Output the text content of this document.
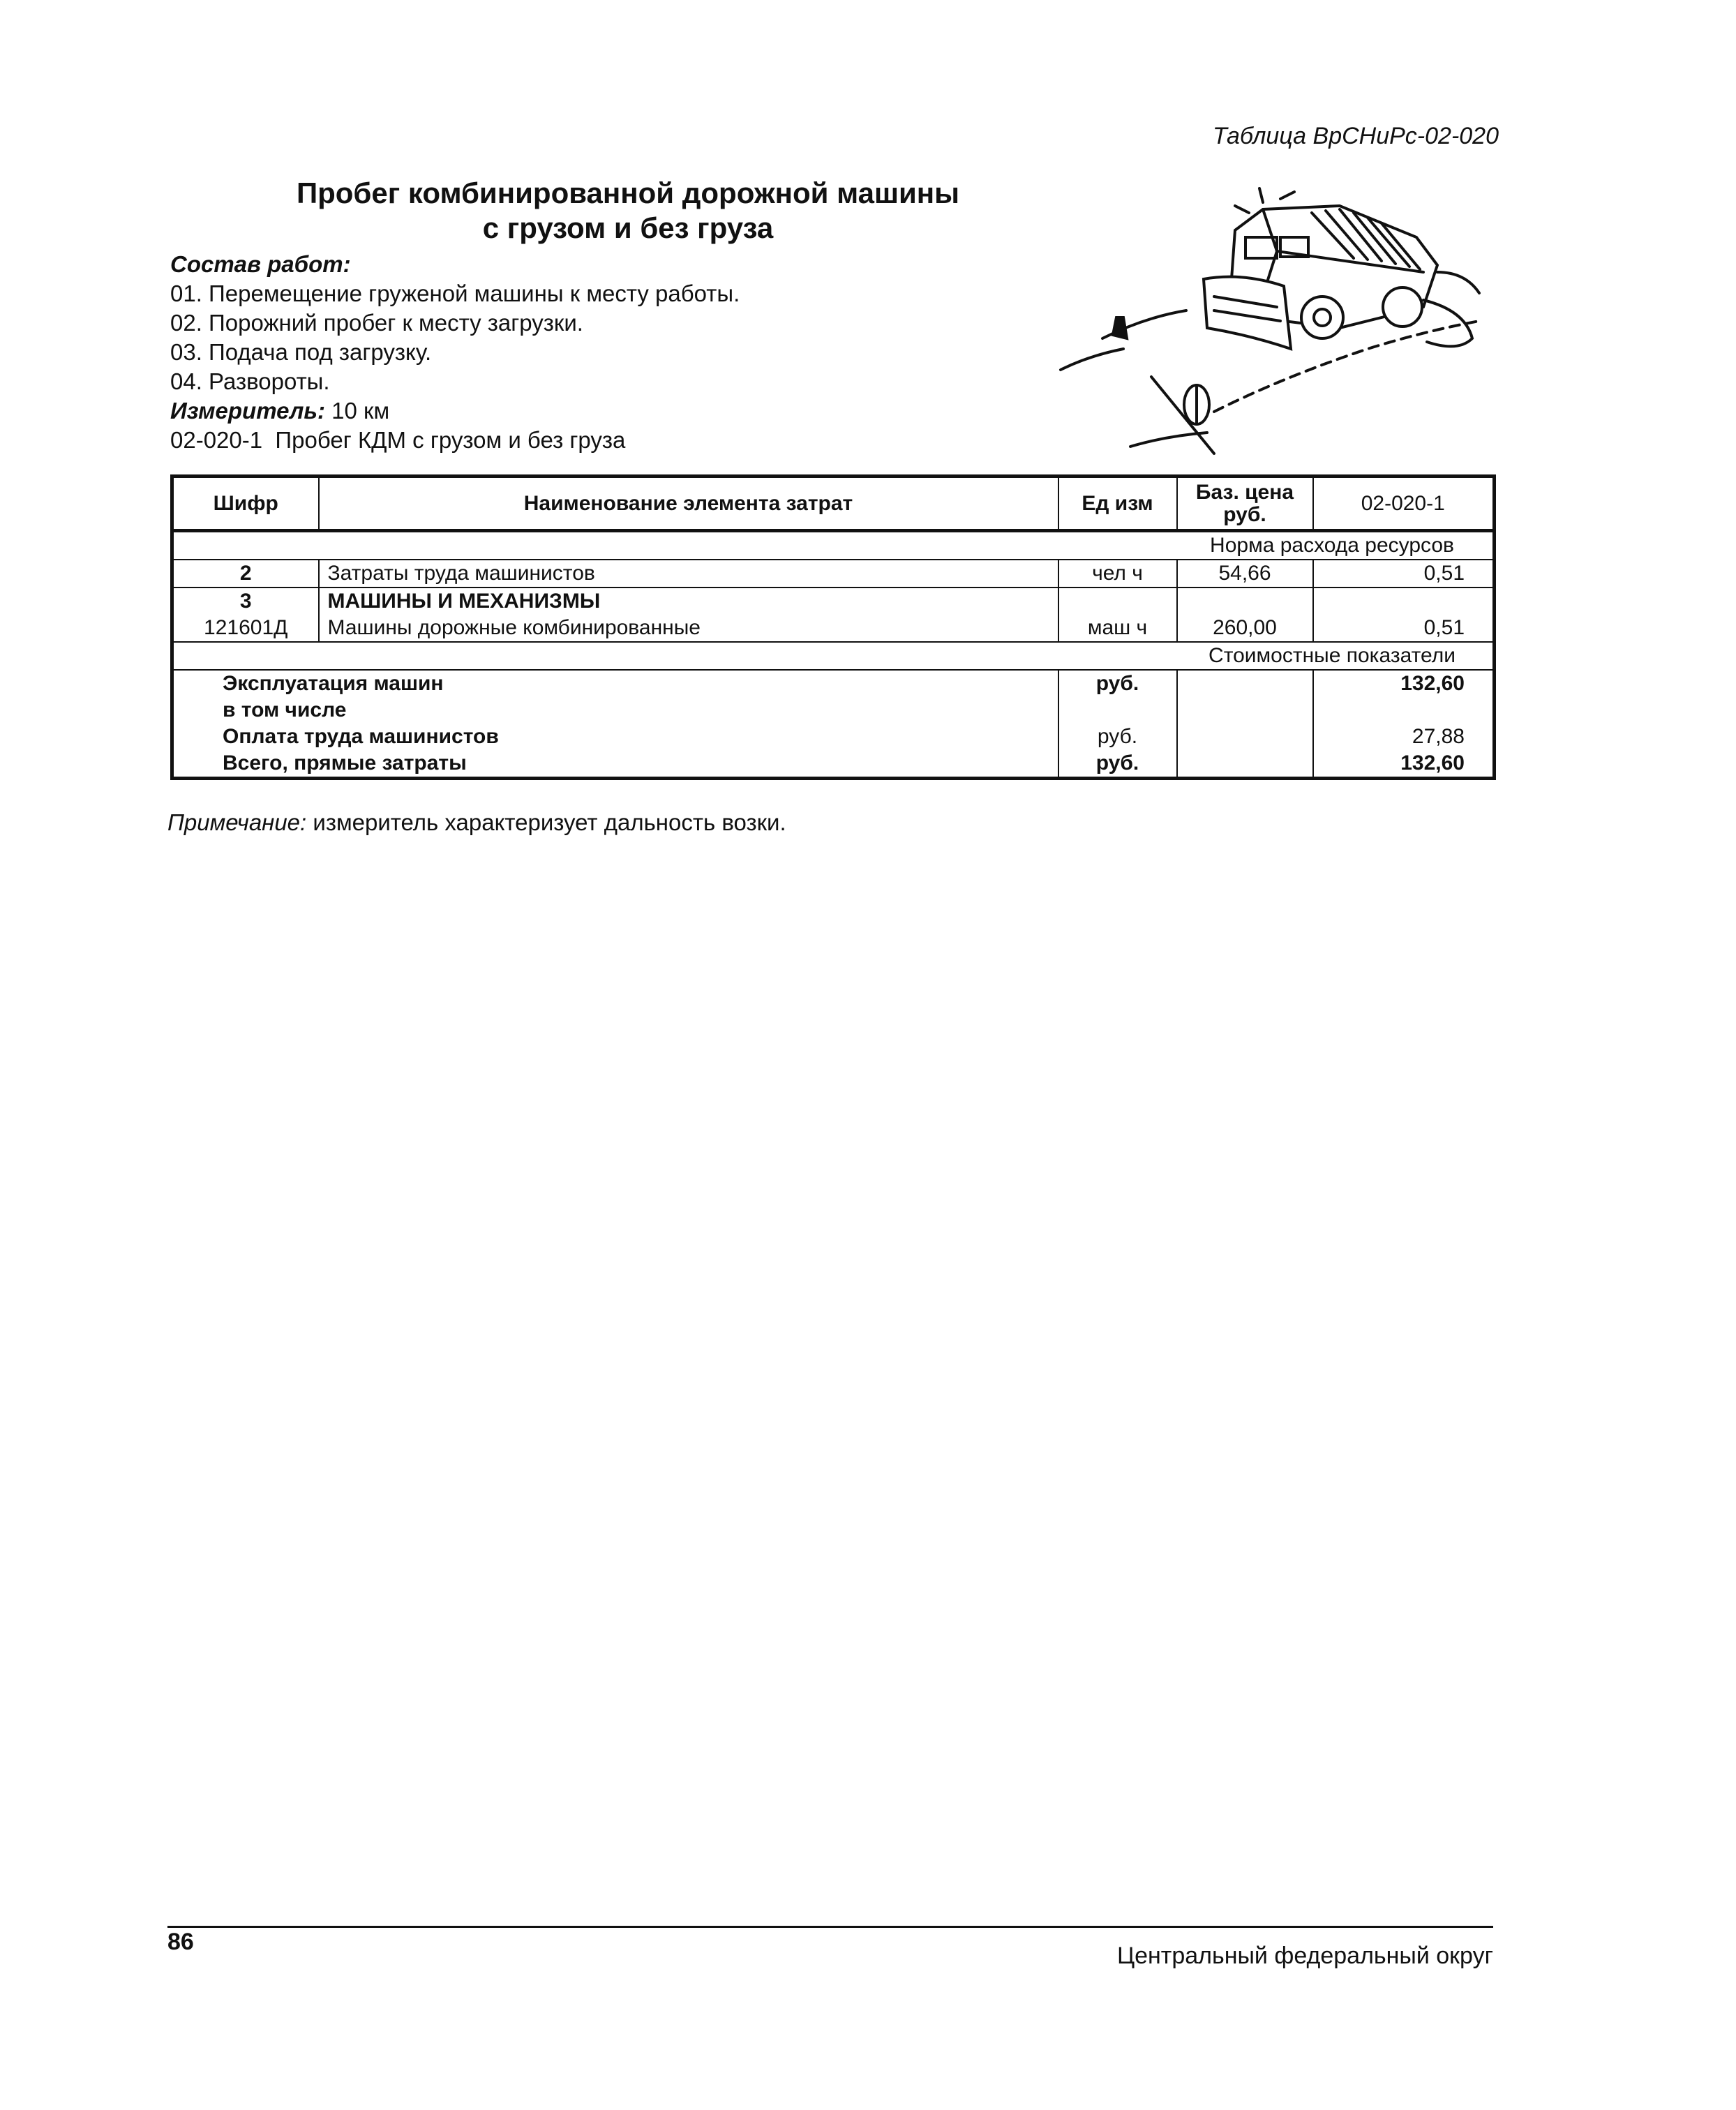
Таблица ВрСНиРс-02-020
Пробег комбинированной дорожной машины
с грузом и без груза
Состав работ:
01. Перемещение груженой машины к месту работы.
02. Порожний пробег к месту загрузки.
03. Подача под загрузку.
04. Развороты.
Измеритель: 10 км
02-020-1  Пробег КДМ с грузом и без груза
Шифр	Наименование элемента затрат	Ед изм	Баз. цена руб.	02-020-1
Норма расхода ресурсов				
2	Затраты труда машинистов	чел ч	54,66	0,51
3	МАШИНЫ И МЕХАНИЗМЫ			
121601Д	Машины дорожные комбинированные	маш ч	260,00	0,51
Стоимостные показатели				
Эксплуатация машин		руб.		132,60
в том числе				
Оплата труда машинистов		руб.		27,88
Всего, прямые затраты		руб.		132,60
Примечание: измеритель характеризует дальность возки.
86
Центральный федеральный округ
